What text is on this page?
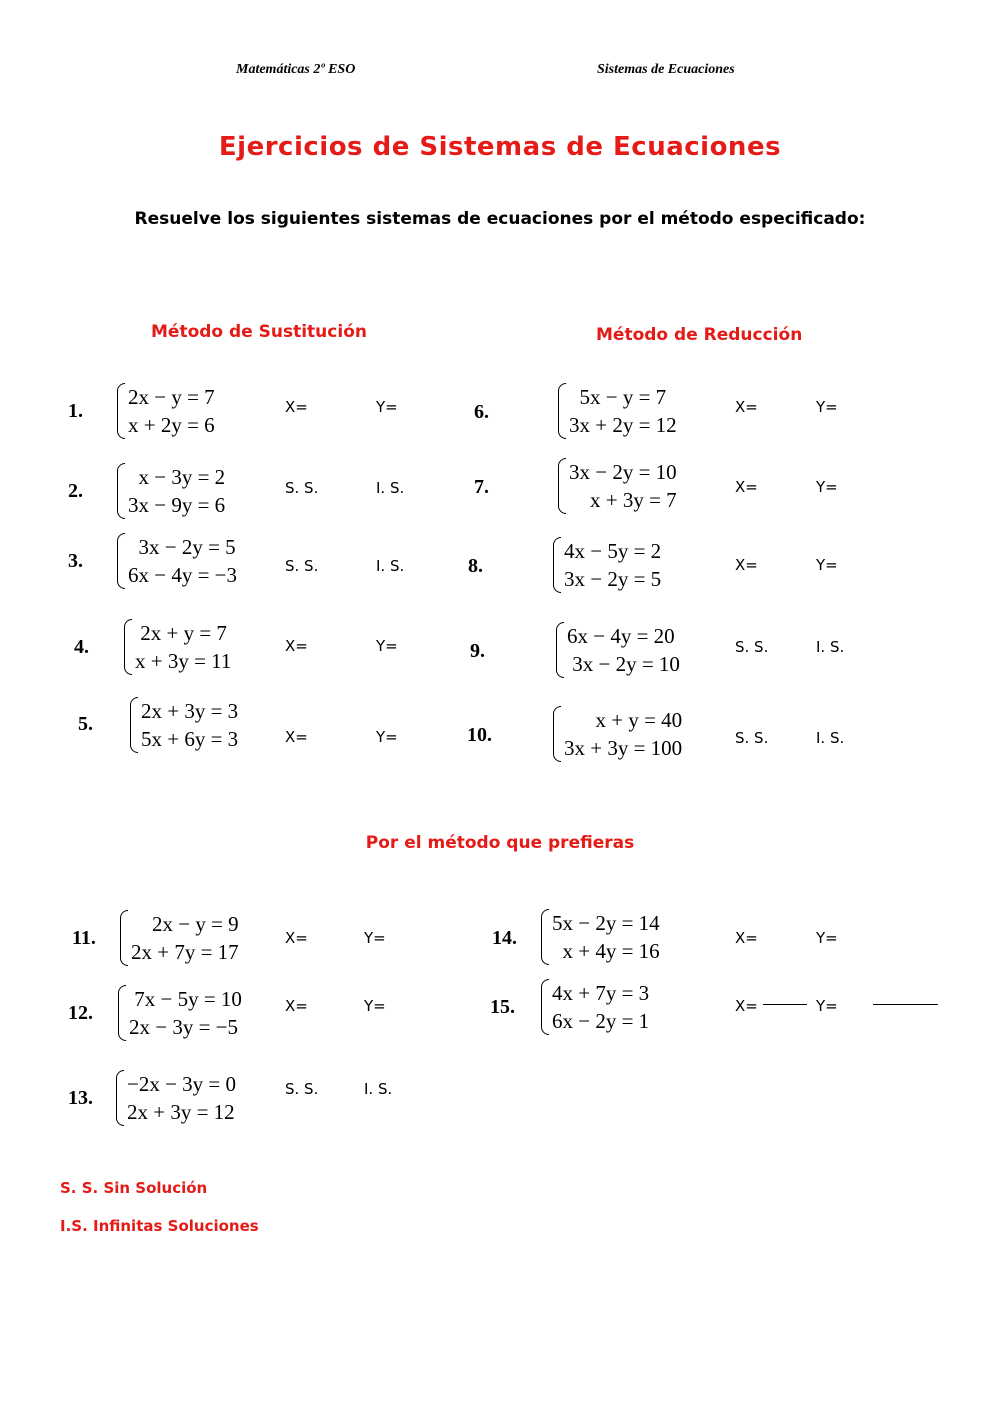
Matemáticas 2º ESO	Sistemas de Ecuaciones
Ejercicios de Sistemas de Ecuaciones
Resuelve los siguientes sistemas de ecuaciones por el método especificado:
Método de Sustitución	Método de Reducción
Por el método que prefieras
1.
2x − y = 7
x + 2y = 6
X=	Y=
2.
x − 3y = 2
3x − 9y = 6
S. S.	I. S.
3.
3x − 2y = 5
6x − 4y = −3	S. S.	I. S.
4.
2x + y = 7
x + 3y = 11
X=	Y=
5.
2x + 3y = 3
5x + 6y = 3	X=	Y=
6.
5x − y = 7
3x + 2y = 12
X=	Y=
7.
3x − 2y = 10
x + 3y = 7
X=	Y=
8.
4x − 5y = 2
3x − 2y = 5
X=	Y=
9.
6x − 4y = 20
3x − 2y = 10
S. S.	I. S.
10.
x + y = 40
3x + 3y = 100	S. S.	I. S.
11.
2x − y = 9
2x + 7y = 17
X=	Y=
12.
7x − 5y = 10
2x − 3y = −5
X=	Y=
13.
−2x − 3y = 0
2x + 3y = 12
S. S.	I. S.
14.
5x − 2y = 14
x + 4y = 16
X=	Y=
15.
4x + 7y = 3
6x − 2y = 1
X=	Y=
S. S. Sin Solución
I.S. Infinitas Soluciones
